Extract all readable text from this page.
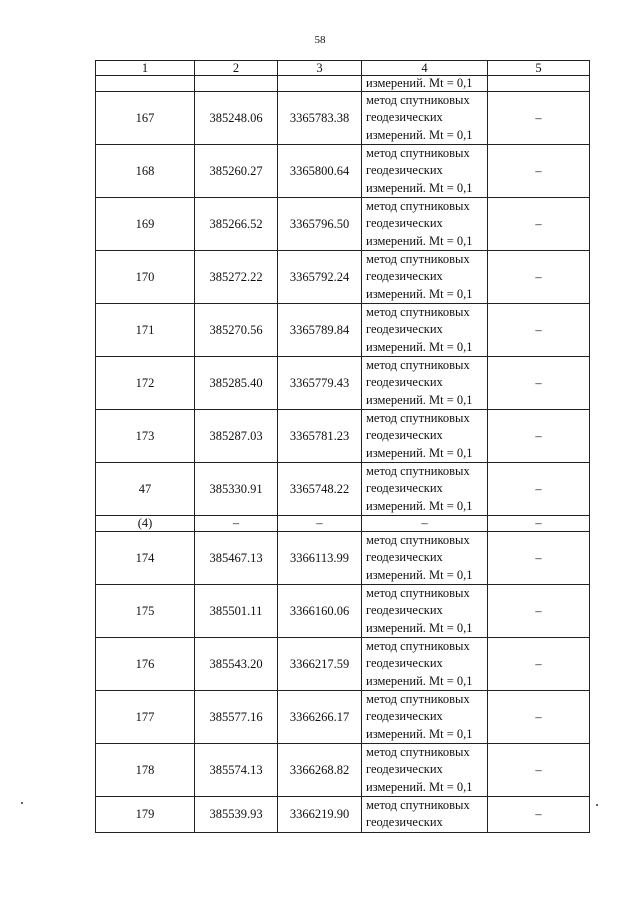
58
1	2	3	4	5
			измерений. Mt = 0,1	
167	385248.06	3365783.38	метод спутниковых
геодезических
измерений. Mt = 0,1	–
168	385260.27	3365800.64	метод спутниковых
геодезических
измерений. Mt = 0,1	–
169	385266.52	3365796.50	метод спутниковых
геодезических
измерений. Mt = 0,1	–
170	385272.22	3365792.24	метод спутниковых
геодезических
измерений. Mt = 0,1	–
171	385270.56	3365789.84	метод спутниковых
геодезических
измерений. Mt = 0,1	–
172	385285.40	3365779.43	метод спутниковых
геодезических
измерений. Mt = 0,1	–
173	385287.03	3365781.23	метод спутниковых
геодезических
измерений. Mt = 0,1	–
47	385330.91	3365748.22	метод спутниковых
геодезических
измерений. Mt = 0,1	–
(4)	–	–	–	–
174	385467.13	3366113.99	метод спутниковых
геодезических
измерений. Mt = 0,1	–
175	385501.11	3366160.06	метод спутниковых
геодезических
измерений. Mt = 0,1	–
176	385543.20	3366217.59	метод спутниковых
геодезических
измерений. Mt = 0,1	–
177	385577.16	3366266.17	метод спутниковых
геодезических
измерений. Mt = 0,1	–
178	385574.13	3366268.82	метод спутниковых
геодезических
измерений. Mt = 0,1	–
179	385539.93	3366219.90	метод спутниковых
геодезических	–
